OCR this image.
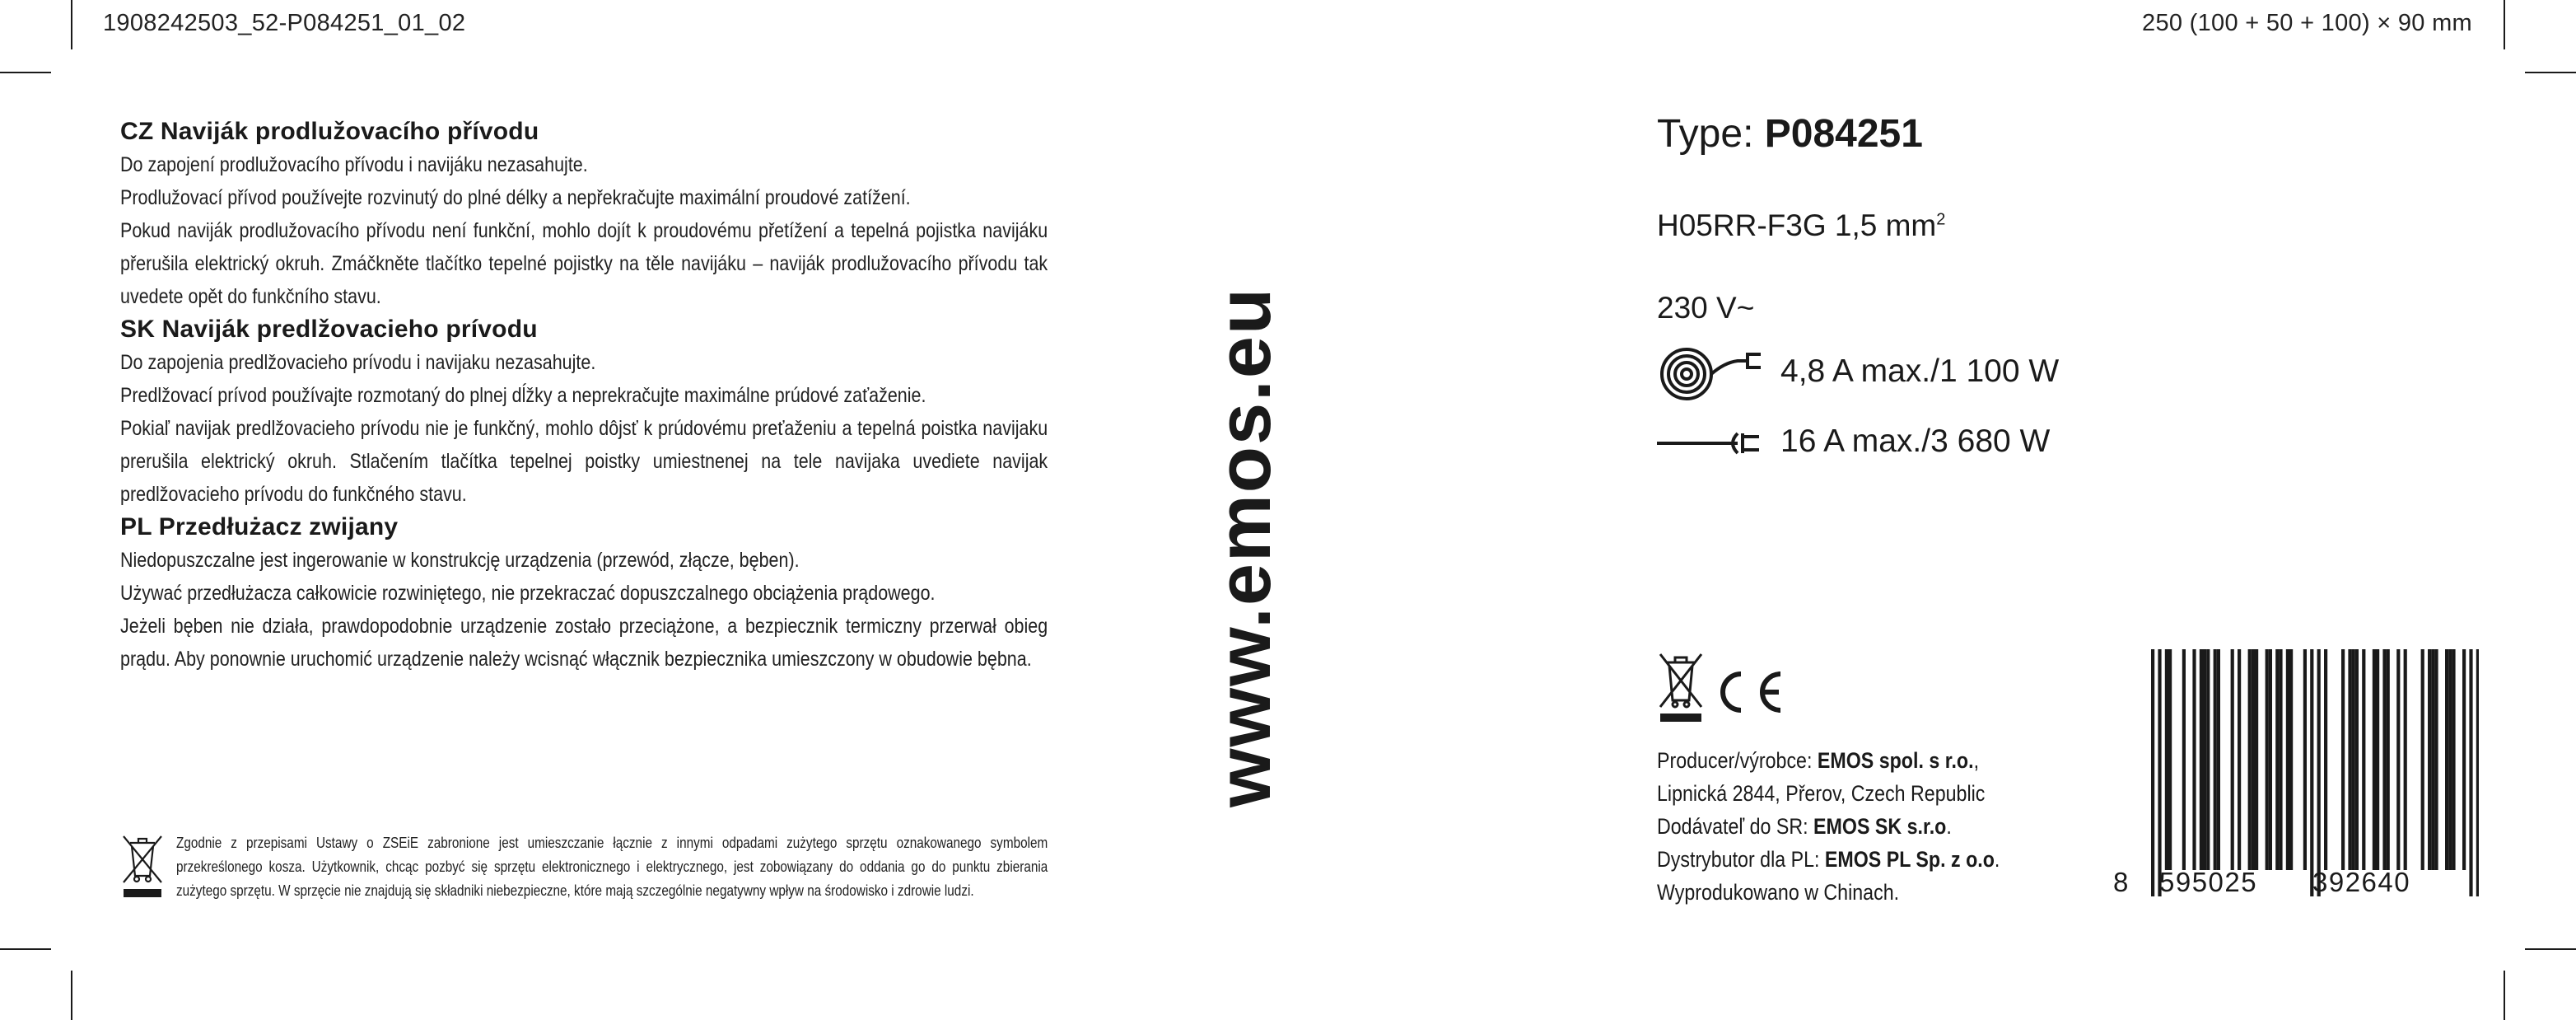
1908242503_52-P084251_01_02	250 (100 + 50 + 100) × 90 mm
CZ Naviják prodlužovacího přívodu

Do zapojení prodlužovacího přívodu i navijáku nezasahujte.

Prodlužovací přívod používejte rozvinutý do plné délky a nepřekračujte maximální proudové zatížení.

Pokud naviják prodlužovacího přívodu není funkční, mohlo dojít k proudovému přetížení a tepelná pojistka navijáku přerušila elektrický okruh. Zmáčkněte tlačítko tepelné pojistky na těle navijáku – naviják prodlužovacího přívodu tak uvedete opět do funkčního stavu.

SK Naviják predlžovacieho prívodu

Do zapojenia predlžovacieho prívodu i navijaku nezasahujte.

Predlžovací prívod používajte rozmotaný do plnej dĺžky a neprekračujte maximálne prúdové zaťaženie.

Pokiaľ navijak predlžovacieho prívodu nie je funkčný, mohlo dôjsť k prúdovému preťaženiu a tepelná poistka navijaku prerušila elektrický okruh. Stlačením tlačítka tepelnej poistky umiestnenej na tele navijaka uvediete navijak predlžovacieho prívodu do funkčného stavu.

PL Przedłużacz zwijany

Niedopuszczalne jest ingerowanie w konstrukcję urządzenia (przewód, złącze, bęben).

Używać przedłużacza całkowicie rozwiniętego, nie przekraczać dopuszczalnego obciążenia prądowego.

Jeżeli bęben nie działa, prawdopodobnie urządzenie zostało przeciążone, a bezpiecznik termiczny przerwał obieg prądu. Aby ponownie uruchomić urządzenie należy wcisnąć włącznik bezpiecznika umieszczony w obudowie bębna.

Zgodnie z przepisami Ustawy o ZSEiE zabronione jest umieszczanie łącznie z innymi odpadami zużytego sprzętu oznakowanego symbolem przekreślonego kosza. Użytkownik, chcąc pozbyć się sprzętu elektronicznego i elektrycznego, jest zobowiązany do oddania go do punktu zbierania zużytego sprzętu. W sprzęcie nie znajdują się składniki niebezpieczne, które mają szczególnie negatywny wpływ na środowisko i zdrowie ludzi.

www.emos.eu
Type: P084251
H05RR-F3G 1,5 $mm^2$
230 V~
4,8 A max./1 100 W
16 A max./3 680 W
Producer/výrobce: EMOS spol. s r.o.,
Lipnická 2844, Přerov, Czech Republic
Dodávateľ do SR: EMOS SK s.r.o.
Dystrybutor dla PL: EMOS PL Sp. z o.o.
Wyprodukowano w Chinach.	8 595025 392640
